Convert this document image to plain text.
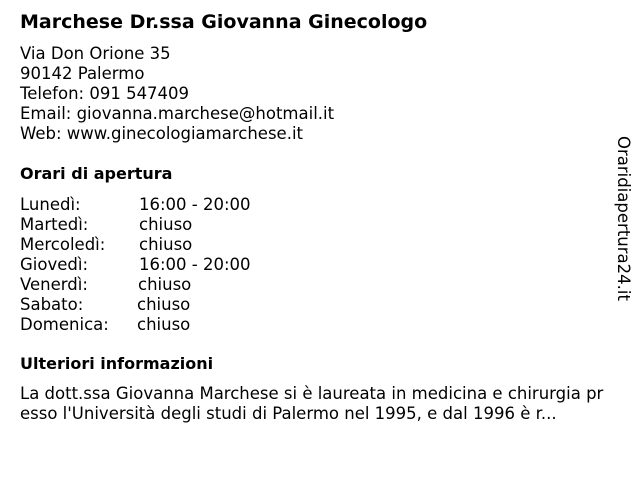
Marchese Dr.ssa Giovanna Ginecologo
Via Don Orione 35
90142 Palermo
Telefon: 091 547409
Email: giovanna.marchese@hotmail.it
Web: www.ginecologiamarchese.it
Orari di apertura
Lunedì:	16:00 - 20:00
Martedì:	chiuso
Mercoledì: chiuso
Giovedì:	16:00 - 20:00
Venerdì:	chiuso
Sabato:	chiuso
Domenica: chiuso
Ulteriori informazioni

La dott.ssa Giovanna Marchese si è laureata in medicina e chirurgia presso l'Università degli studi di Palermo nel 1995, e dal 1996 è r...

Oraridiapertura24.it
